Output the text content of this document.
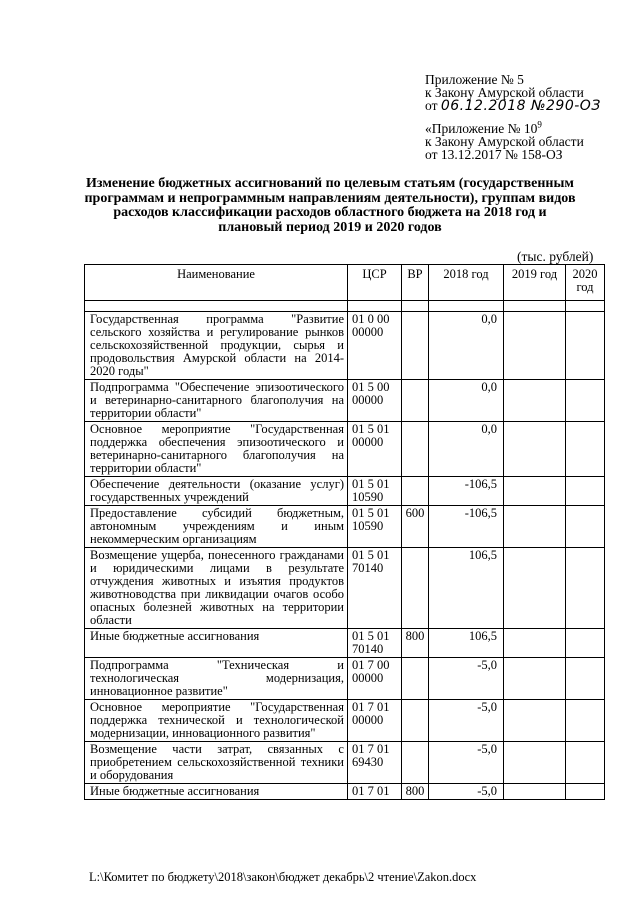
Приложение № 5
к Закону Амурской области
от 06.12.2018 №290-ОЗ
«Приложение № $10^9$
к Закону Амурской области
от 13.12.2017 № 158-ОЗ
Изменение бюджетных ассигнований по целевым статьям (государственным программам и непрограммным направлениям деятельности), группам видов расходов классификации расходов областного бюджета на 2018 год и плановый период 2019 и 2020 годов
(тыс. рублей)
Наименование	ЦСР	ВР	2018 год	2019 год	2020 год

Государственная программа "Развитие сельского хозяйства и регулирование рынков сельскохозяйственной продукции, сырья и продовольствия Амурской области на 2014-2020 годы"	01 0 00 00000		0,0		
Подпрограмма "Обеспечение эпизоотического и ветеринарно-санитарного благополучия на территории области"	01 5 00 00000		0,0		
Основное мероприятие "Государственная поддержка обеспечения эпизоотического и ветеринарно-санитарного благополучия на территории области"	01 5 01 00000		0,0		
Обеспечение деятельности (оказание услуг) государственных учреждений	01 5 01 10590		-106,5		
Предоставление субсидий бюджетным, автономным учреждениям и иным некоммерческим организациям	01 5 01 10590	600	-106,5		
Возмещение ущерба, понесенного гражданами и юридическими лицами в результате отчуждения животных и изъятия продуктов животноводства при ликвидации очагов особо опасных болезней животных на территории области	01 5 01 70140		106,5		
Иные бюджетные ассигнования	01 5 01 70140	800	106,5		
Подпрограмма "Техническая и технологическая модернизация, инновационное развитие"	01 7 00 00000		-5,0		
Основное мероприятие "Государственная поддержка технической и технологической модернизации, инновационного развития"	01 7 01 00000		-5,0		
Возмещение части затрат, связанных с приобретением сельскохозяйственной техники и оборудования	01 7 01 69430		-5,0		
Иные бюджетные ассигнования	01 7 01	800	-5,0		
L:\Комитет по бюджету\2018\закон\бюджет декабрь\2 чтение\Zakon.docx
